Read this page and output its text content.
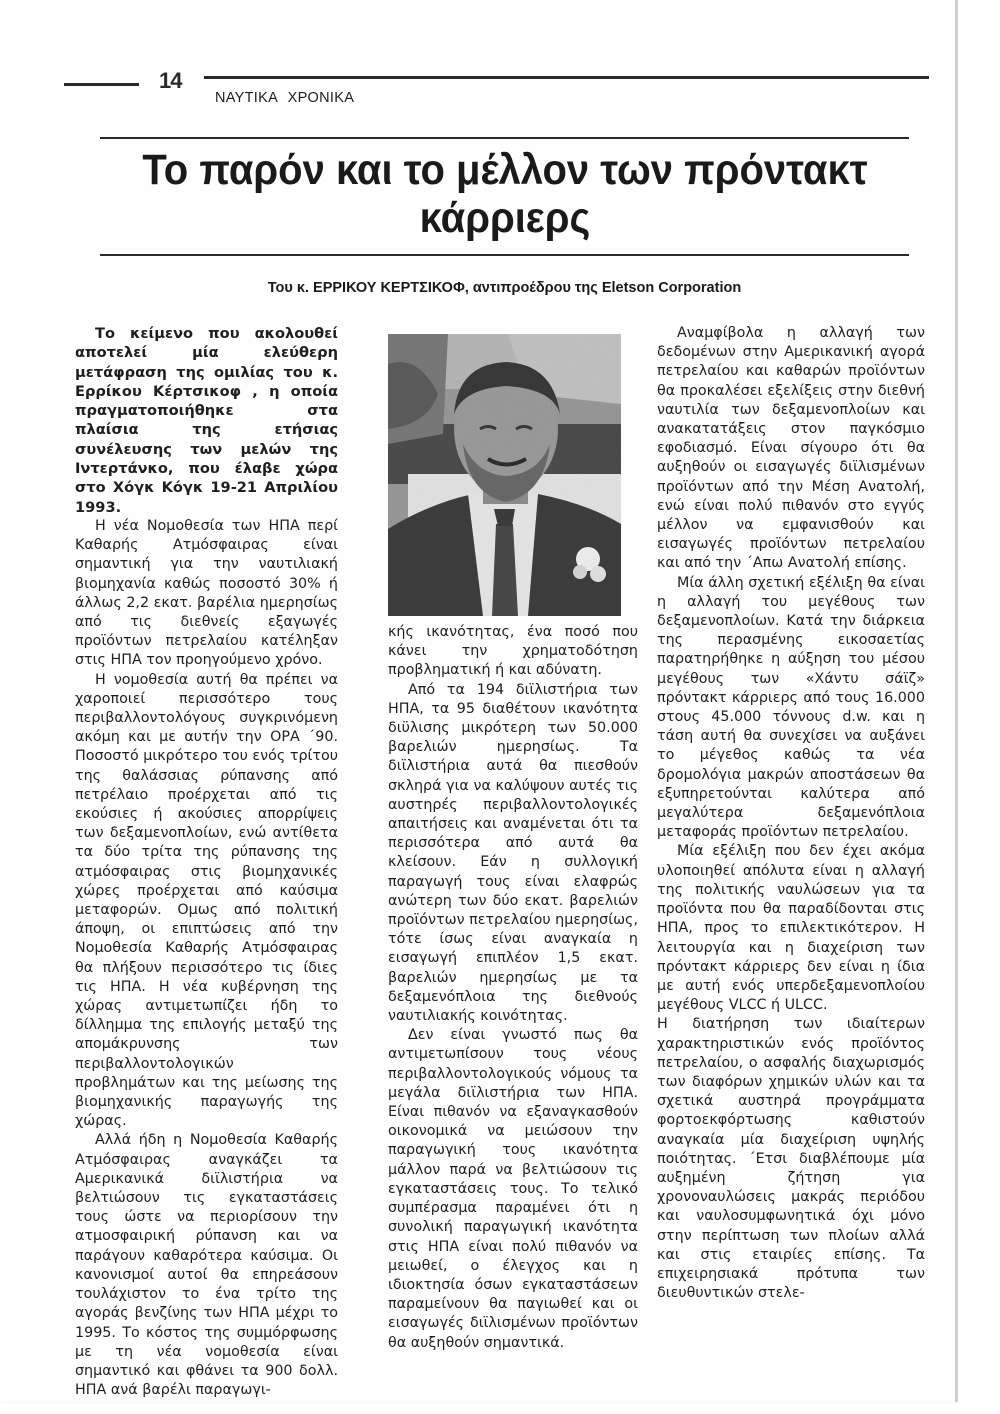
14
ΝΑΥΤΙΚΑ ΧΡΟΝΙΚΑ
Το παρόν και το μέλλον των πρόντακτ κάρριερς
Του κ. ΕΡΡΙΚΟΥ ΚΕΡΤΣΙΚΟΦ, αντιπροέδρου της Eletson Corporation

Το κείμενο που ακολουθεί αποτελεί μία ελεύθερη μετάφραση της ομιλίας του κ. Ερρίκου Κέρτσικοφ , η οποία πραγματοποιήθηκε στα πλαίσια της ετήσιας συνέλευσης των μελών της Ιντερτάνκο, που έλαβε χώρα στο Χόγκ Κόγκ 19-21 Απριλίου 1993.

Η νέα Νομοθεσία των ΗΠΑ περί Καθαρής Ατμόσφαιρας είναι σημαντική για την ναυτιλιακή βιομηχανία καθώς ποσοστό 30% ή άλλως 2,2 εκατ. βαρέλια ημερησίως από τις διεθνείς εξαγωγές προϊόντων πετρελαίου κατέληξαν στις ΗΠΑ τον προηγούμενο χρόνο.

Η νομοθεσία αυτή θα πρέπει να χαροποιεί περισσότερο τους περιβαλλοντολόγους συγκρινόμενη ακόμη και με αυτήν την ΟΡΑ ΄90. Ποσοστό μικρότερο του ενός τρίτου της θαλάσσιας ρύπανσης από πετρέλαιο προέρχεται από τις εκούσιες ή ακούσιες απορρίψεις των δεξαμενοπλοίων, ενώ αντίθετα τα δύο τρίτα της ρύπανσης της ατμόσφαιρας στις βιομηχανικές χώρες προέρχεται από καύσιμα μεταφορών. Ομως από πολιτική άποψη, οι επιπτώσεις από την Νομοθεσία Καθαρής Ατμόσφαιρας θα πλήξουν περισσότερο τις ίδιες τις ΗΠΑ. Η νέα κυβέρνηση της χώρας αντιμετωπίζει ήδη το δίλλημμα της επιλογής μεταξύ της απομάκρυνσης των περιβαλλοντολογικών προβλημάτων και της μείωσης της βιομηχανικής παραγωγής της χώρας.

Αλλά ήδη η Νομοθεσία Καθαρής Ατμόσφαιρας αναγκάζει τα Αμερικανικά διϊλιστήρια να βελτιώσουν τις εγκαταστάσεις τους ώστε να περιορίσουν την ατμοσφαιρική ρύπανση και να παράγουν καθαρότερα καύσιμα. Οι κανονισμοί αυτοί θα επηρεάσουν τουλάχιστον το ένα τρίτο της αγοράς βενζίνης των ΗΠΑ μέχρι το 1995. Το κόστος της συμμόρφωσης με τη νέα νομοθεσία είναι σημαντικό και φθάνει τα 900 δολλ. ΗΠΑ ανά βαρέλι παραγωγι-

κής ικανότητας, ένα ποσό που κάνει την χρηματοδότηση προβληματική ή και αδύνατη.

Από τα 194 διϊλιστήρια των ΗΠΑ, τα 95 διαθέτουν ικανότητα διϋλισης μικρότερη των 50.000 βαρελιών ημερησίως. Τα διϊλιστήρια αυτά θα πιεσθούν σκληρά για να καλύψουν αυτές τις αυστηρές περιβαλλοντολογικές απαιτήσεις και αναμένεται ότι τα περισσότερα από αυτά θα κλείσουν. Εάν η συλλογική παραγωγή τους είναι ελαφρώς ανώτερη των δύο εκατ. βαρελιών προϊόντων πετρελαίου ημερησίως, τότε ίσως είναι αναγκαία η εισαγωγή επιπλέον 1,5 εκατ. βαρελιών ημερησίως με τα δεξαμενόπλοια της διεθνούς ναυτιλιακής κοινότητας.

Δεν είναι γνωστό πως θα αντιμετωπίσουν τους νέους περιβαλλοντολογικούς νόμους τα μεγάλα διϊλιστήρια των ΗΠΑ. Είναι πιθανόν να εξαναγκασθούν οικονομικά να μειώσουν την παραγωγική τους ικανότητα μάλλον παρά να βελτιώσουν τις εγκαταστάσεις τους. Το τελικό συμπέρασμα παραμένει ότι η συνολική παραγωγική ικανότητα στις ΗΠΑ είναι πολύ πιθανόν να μειωθεί, ο έλεγχος και η ιδιοκτησία όσων εγκαταστάσεων παραμείνουν θα παγιωθεί και οι εισαγωγές διϊλισμένων προϊόντων θα αυξηθούν σημαντικά.

Αναμφίβολα η αλλαγή των δεδομένων στην Αμερικανική αγορά πετρελαίου και καθαρών προϊόντων θα προκαλέσει εξελίξεις στην διεθνή ναυτιλία των δεξαμενοπλοίων και ανακατατάξεις στον παγκόσμιο εφοδιασμό. Είναι σίγουρο ότι θα αυξηθούν οι εισαγωγές διϊλισμένων προϊόντων από την Μέση Ανατολή, ενώ είναι πολύ πιθανόν στο εγγύς μέλλον να εμφανισθούν και εισαγωγές προϊόντων πετρελαίου και από την ΄Απω Ανατολή επίσης.

Μία άλλη σχετική εξέλιξη θα είναι η αλλαγή του μεγέθους των δεξαμενοπλοίων. Κατά την διάρκεια της περασμένης εικοσαετίας παρατηρήθηκε η αύξηση του μέσου μεγέθους των «Χάντυ σάϊζ» πρόντακτ κάρριερς από τους 16.000 στους 45.000 τόννους d.w. και η τάση αυτή θα συνεχίσει να αυξάνει το μέγεθος καθώς τα νέα δρομολόγια μακρών αποστάσεων θα εξυπηρετούνται καλύτερα από μεγαλύτερα δεξαμενόπλοια μεταφοράς προϊόντων πετρελαίου.

Μία εξέλιξη που δεν έχει ακόμα υλοποιηθεί απόλυτα είναι η αλλαγή της πολιτικής ναυλώσεων για τα προϊόντα που θα παραδίδονται στις ΗΠΑ, προς το επιλεκτικότερον. Η λειτουργία και η διαχείριση των πρόντακτ κάρριερς δεν είναι η ίδια με αυτή ενός υπερδεξαμενοπλοίου μεγέθους VLCC ή ULCC.

Η διατήρηση των ιδιαίτερων χαρακτηριστικών ενός προϊόντος πετρελαίου, ο ασφαλής διαχωρισμός των διαφόρων χημικών υλών και τα σχετικά αυστηρά προγράμματα φορτοεκφόρτωσης καθιστούν αναγκαία μία διαχείριση υψηλής ποιότητας. ΄Ετσι διαβλέπουμε μία αυξημένη ζήτηση για χρονοναυλώσεις μακράς περιόδου και ναυλοσυμφωνητικά όχι μόνο στην περίπτωση των πλοίων αλλά και στις εταιρίες επίσης. Τα επιχειρησιακά πρότυπα των διευθυντικών στελε-
